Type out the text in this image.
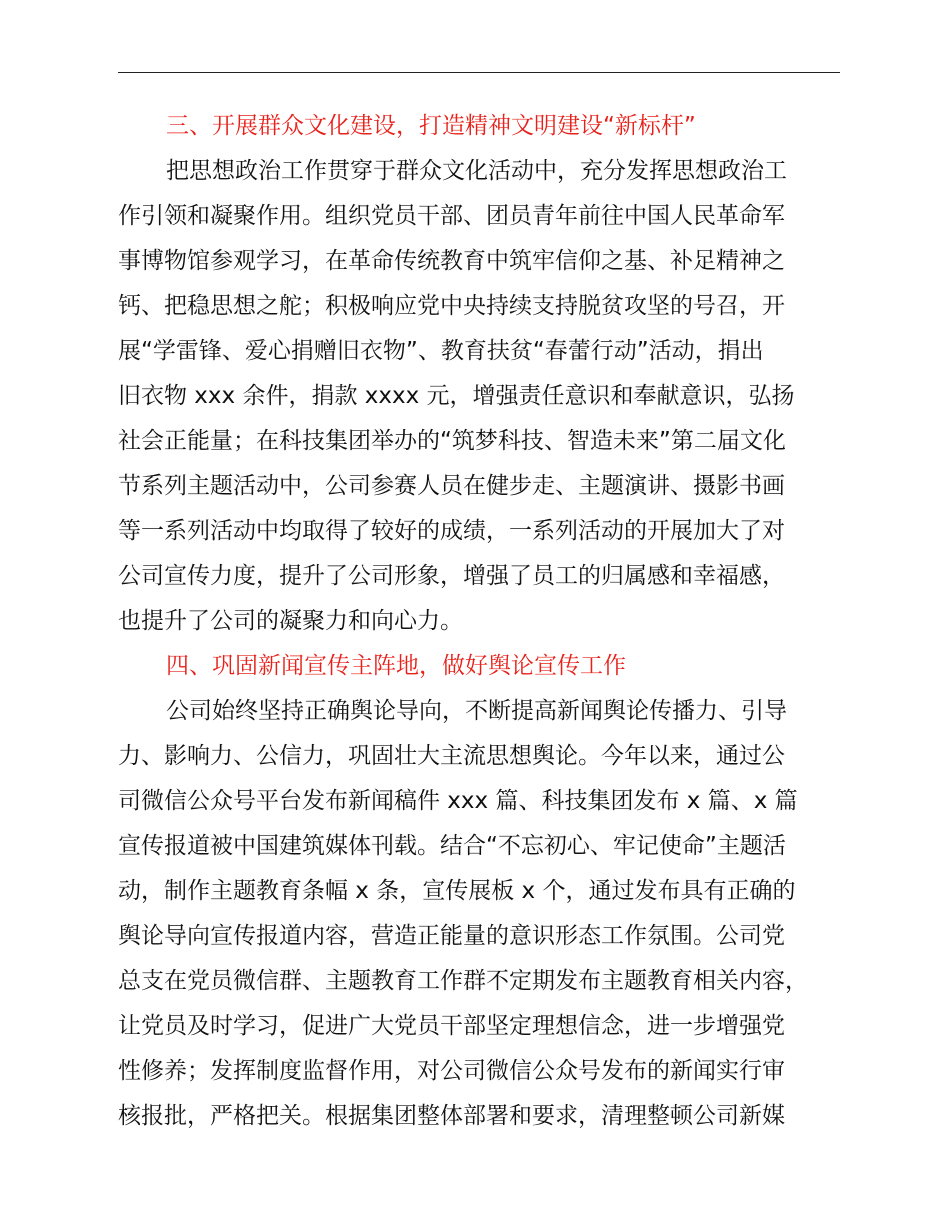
三、开展群众文化建设，打造精神文明建设“新标杆”

把思想政治工作贯穿于群众文化活动中，充分发挥思想政治工
作引领和凝聚作用。组织党员干部、团员青年前往中国人民革命军
事博物馆参观学习，在革命传统教育中筑牢信仰之基、补足精神之
钙、把稳思想之舵；积极响应党中央持续支持脱贫攻坚的号召，开
展“学雷锋、爱心捐赠旧衣物”、教育扶贫“春蕾行动”活动，捐出
旧衣物 xxx 余件，捐款 xxxx 元，增强责任意识和奉献意识，弘扬
社会正能量；在科技集团举办的“筑梦科技、智造未来”第二届文化
节系列主题活动中，公司参赛人员在健步走、主题演讲、摄影书画
等一系列活动中均取得了较好的成绩，一系列活动的开展加大了对
公司宣传力度，提升了公司形象，增强了员工的归属感和幸福感，
也提升了公司的凝聚力和向心力。

四、巩固新闻宣传主阵地，做好舆论宣传工作

公司始终坚持正确舆论导向，不断提高新闻舆论传播力、引导
力、影响力、公信力，巩固壮大主流思想舆论。今年以来，通过公
司微信公众号平台发布新闻稿件 xxx 篇、科技集团发布 x 篇、x 篇
宣传报道被中国建筑媒体刊载。结合“不忘初心、牢记使命”主题活
动，制作主题教育条幅 x 条，宣传展板 x 个，通过发布具有正确的
舆论导向宣传报道内容，营造正能量的意识形态工作氛围。公司党
总支在党员微信群、主题教育工作群不定期发布主题教育相关内容，
让党员及时学习，促进广大党员干部坚定理想信念，进一步增强党
性修养；发挥制度监督作用，对公司微信公众号发布的新闻实行审
核报批，严格把关。根据集团整体部署和要求，清理整顿公司新媒
